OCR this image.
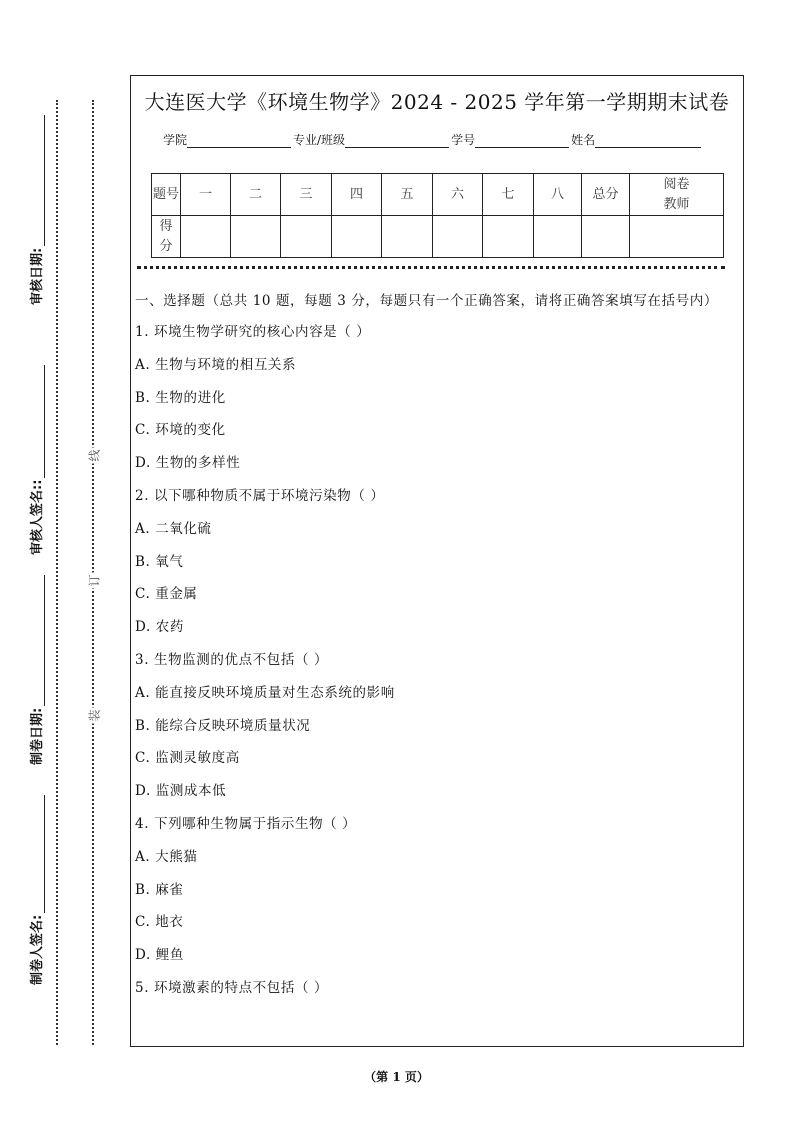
审核日期:
审核人签名::
制卷日期:
制卷人签名:
线
订
装
大连医大学《环境生物学》2024 - 2025 学年第一学期期末试卷
学院	专业/班级	学号	姓名
题号	一	二	三	四	五	六	七	八	总分	阅卷教师
得分										
一、选择题（总共 10 题，每题 3 分，每题只有一个正确答案，请将正确答案填写在括号内）
1. 环境生物学研究的核心内容是（ ）
A. 生物与环境的相互关系
B. 生物的进化
C. 环境的变化
D. 生物的多样性
2. 以下哪种物质不属于环境污染物（ ）
A. 二氧化硫
B. 氧气
C. 重金属
D. 农药
3. 生物监测的优点不包括（ ）
A. 能直接反映环境质量对生态系统的影响
B. 能综合反映环境质量状况
C. 监测灵敏度高
D. 监测成本低
4. 下列哪种生物属于指示生物（ ）
A. 大熊猫
B. 麻雀
C. 地衣
D. 鲤鱼
5. 环境激素的特点不包括（ ）
（第 1 页）
